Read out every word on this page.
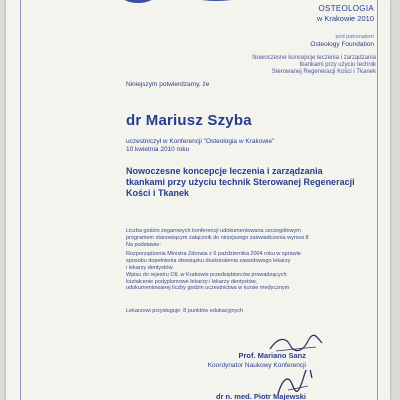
OSTEOLOGIA
w Krakowie 2010
pod patronatem
Osteology Foundation
Nowoczesne koncepcje leczenia i zarządzania
tkankami przy użyciu technik
Sterowanej Regeneracji Kości i Tkanek
Niniejszym potwierdzamy, że
dr Mariusz Szyba
uczestniczył w Konferencji "Osteologia w Krakowie"
10 kwietnia 2010 roku
Nowoczesne koncepcje leczenia i zarządzania
tkankami przy użyciu technik Sterowanej Regeneracji
Kości i Tkanek

Liczba godzin zegarowych konferencji udokumentowana szczegółowym

programem stanowiącym załącznik do niniejszego zaświadczenia wynosi 8

Na podstawie:

Rozporządzenia Ministra Zdrowia z 6 października 2004 roku w sprawie

sposobu dopełnienia obowiązku doskonalenia zawodowego lekarzy

i lekarzy dentystów.

Wpisu do rejestru OIL w Krakowie przedsiębiorców prowadzących

kształcenie podyplomowe lekarzy i lekarzy dentystów,

udokumentowanej liczby godzin uczestnictwa w kursie medycznym

Lekarzowi przysługuje: 8 punktów edukacyjnych
Prof. Mariano Sanz
Koordynator Naukowy Konferencji
dr n. med. Piotr Majewski
